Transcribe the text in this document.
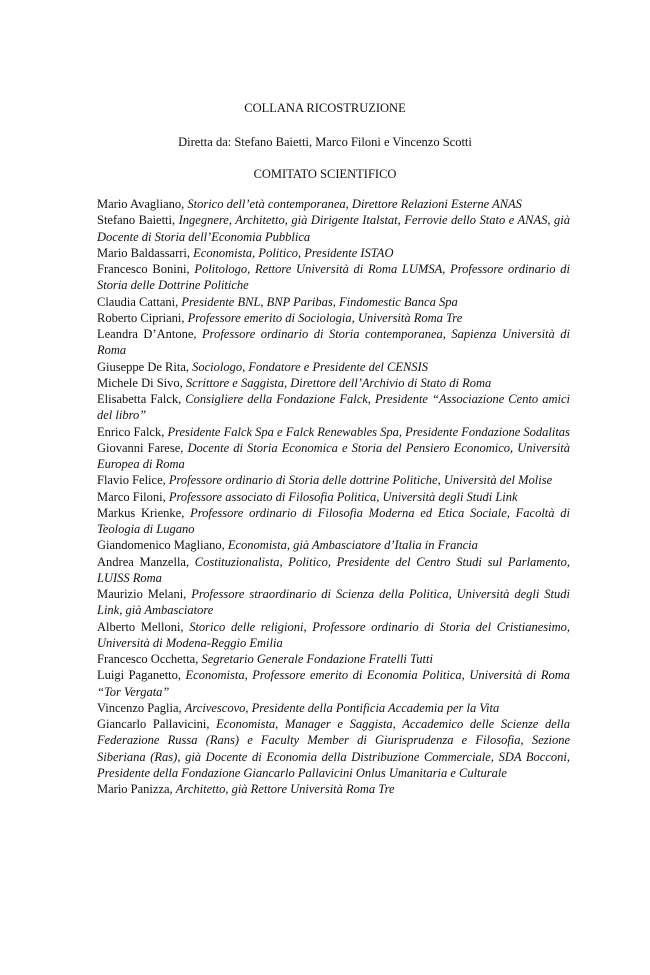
COLLANA RICOSTRUZIONE
Diretta da: Stefano Baietti, Marco Filoni e Vincenzo Scotti
COMITATO SCIENTIFICO

Mario Avagliano, Storico dell’età contemporanea, Direttore Relazioni Esterne ANAS

Stefano Baietti, Ingegnere, Architetto, già Dirigente Italstat, Ferrovie dello Stato e ANAS, già Docente di Storia dell’Economia Pubblica

Mario Baldassarri, Economista, Politico, Presidente ISTAO

Francesco Bonini, Politologo, Rettore Università di Roma LUMSA, Professore ordinario di Storia delle Dottrine Politiche

Claudia Cattani, Presidente BNL, BNP Paribas, Findomestic Banca Spa

Roberto Cipriani, Professore emerito di Sociologia, Università Roma Tre

Leandra D’Antone, Professore ordinario di Storia contemporanea, Sapienza Università di Roma

Giuseppe De Rita, Sociologo, Fondatore e Presidente del CENSIS

Michele Di Sivo, Scrittore e Saggista, Direttore dell’Archivio di Stato di Roma

Elisabetta Falck, Consigliere della Fondazione Falck, Presidente “Associazione Cento amici del libro”

Enrico Falck, Presidente Falck Spa e Falck Renewables Spa, Presidente Fondazione Sodalitas

Giovanni Farese, Docente di Storia Economica e Storia del Pensiero Economico, Università Europea di Roma

Flavio Felice, Professore ordinario di Storia delle dottrine Politiche, Università del Molise

Marco Filoni, Professore associato di Filosofia Politica, Università degli Studi Link

Markus Krienke, Professore ordinario di Filosofia Moderna ed Etica Sociale, Facoltà di Teologia di Lugano

Giandomenico Magliano, Economista, già Ambasciatore d’Italia in Francia

Andrea Manzella, Costituzionalista, Politico, Presidente del Centro Studi sul Parlamento, LUISS Roma

Maurizio Melani, Professore straordinario di Scienza della Politica, Università degli Studi Link, già Ambasciatore

Alberto Melloni, Storico delle religioni, Professore ordinario di Storia del Cristianesimo, Università di Modena-Reggio Emilia

Francesco Occhetta, Segretario Generale Fondazione Fratelli Tutti

Luigi Paganetto, Economista, Professore emerito di Economia Politica, Università di Roma “Tor Vergata”

Vincenzo Paglia, Arcivescovo, Presidente della Pontificia Accademia per la Vita

Giancarlo Pallavicini, Economista, Manager e Saggista, Accademico delle Scienze della Federazione Russa (Rans) e Faculty Member di Giurisprudenza e Filosofia, Sezione Siberiana (Ras), già Docente di Economia della Distribuzione Commerciale, SDA Bocconi, Presidente della Fondazione Giancarlo Pallavicini Onlus Umanitaria e Culturale

Mario Panizza, Architetto, già Rettore Università Roma Tre
